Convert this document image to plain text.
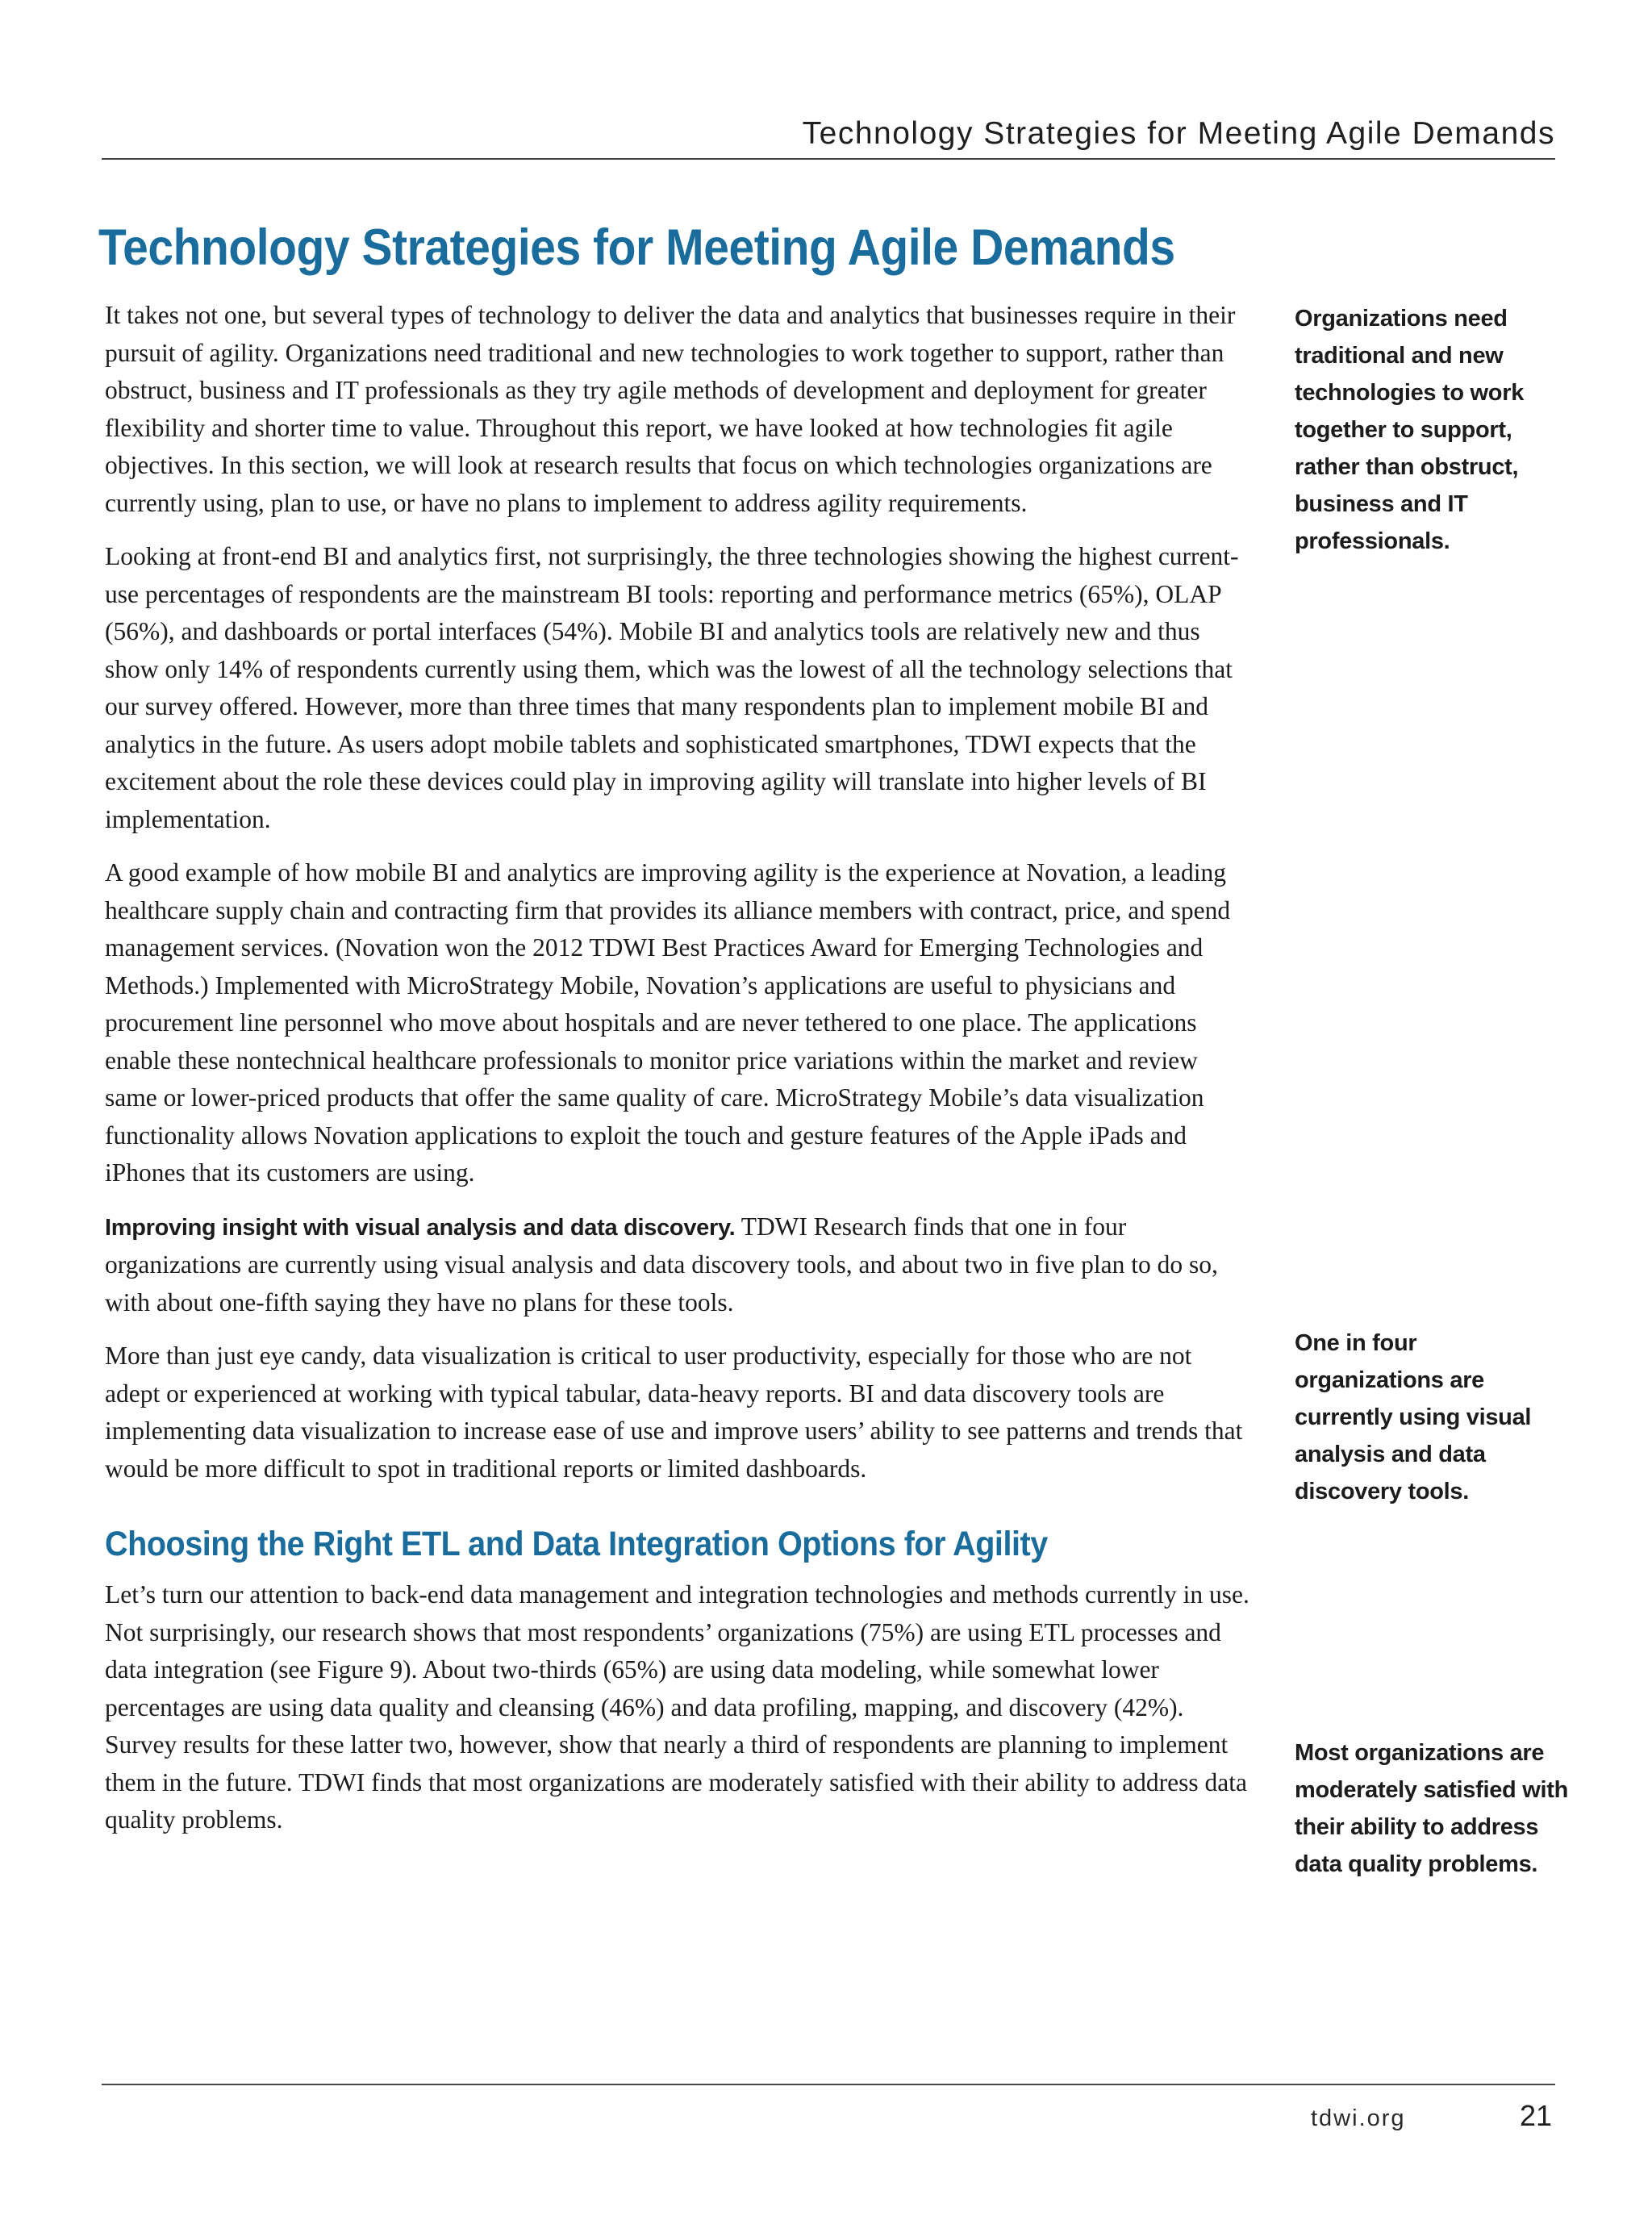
Technology Strategies for Meeting Agile Demands
Technology Strategies for Meeting Agile Demands

It takes not one, but several types of technology to deliver the data and analytics that businesses require in their pursuit of agility. Organizations need traditional and new technologies to work together to support, rather than obstruct, business and IT professionals as they try agile methods of development and deployment for greater flexibility and shorter time to value. Throughout this report, we have looked at how technologies fit agile objectives. In this section, we will look at research results that focus on which technologies organizations are currently using, plan to use, or have no plans to implement to address agility requirements.

Looking at front-end BI and analytics first, not surprisingly, the three technologies showing the highest current-use percentages of respondents are the mainstream BI tools: reporting and performance metrics (65%), OLAP (56%), and dashboards or portal interfaces (54%). Mobile BI and analytics tools are relatively new and thus show only 14% of respondents currently using them, which was the lowest of all the technology selections that our survey offered. However, more than three times that many respondents plan to implement mobile BI and analytics in the future. As users adopt mobile tablets and sophisticated smartphones, TDWI expects that the excitement about the role these devices could play in improving agility will translate into higher levels of BI implementation.

A good example of how mobile BI and analytics are improving agility is the experience at Novation, a leading healthcare supply chain and contracting firm that provides its alliance members with contract, price, and spend management services. (Novation won the 2012 TDWI Best Practices Award for Emerging Technologies and Methods.) Implemented with MicroStrategy Mobile, Novation’s applications are useful to physicians and procurement line personnel who move about hospitals and are never tethered to one place. The applications enable these nontechnical healthcare professionals to monitor price variations within the market and review same or lower-priced products that offer the same quality of care. MicroStrategy Mobile’s data visualization functionality allows Novation applications to exploit the touch and gesture features of the Apple iPads and iPhones that its customers are using.

Improving insight with visual analysis and data discovery. TDWI Research finds that one in four organizations are currently using visual analysis and data discovery tools, and about two in five plan to do so, with about one-fifth saying they have no plans for these tools.

More than just eye candy, data visualization is critical to user productivity, especially for those who are not adept or experienced at working with typical tabular, data-heavy reports. BI and data discovery tools are implementing data visualization to increase ease of use and improve users’ ability to see patterns and trends that would be more difficult to spot in traditional reports or limited dashboards.

Choosing the Right ETL and Data Integration Options for Agility

Let’s turn our attention to back-end data management and integration technologies and methods currently in use. Not surprisingly, our research shows that most respondents’ organizations (75%) are using ETL processes and data integration (see Figure 9). About two-thirds (65%) are using data modeling, while somewhat lower percentages are using data quality and cleansing (46%) and data profiling, mapping, and discovery (42%). Survey results for these latter two, however, show that nearly a third of respondents are planning to implement them in the future. TDWI finds that most organizations are moderately satisfied with their ability to address data quality problems.

Organizations need traditional and new technologies to work together to support, rather than obstruct, business and IT professionals.
One in four organizations are currently using visual analysis and data discovery tools.
Most organizations are moderately satisfied with their ability to address data quality problems.
tdwi.org	21
